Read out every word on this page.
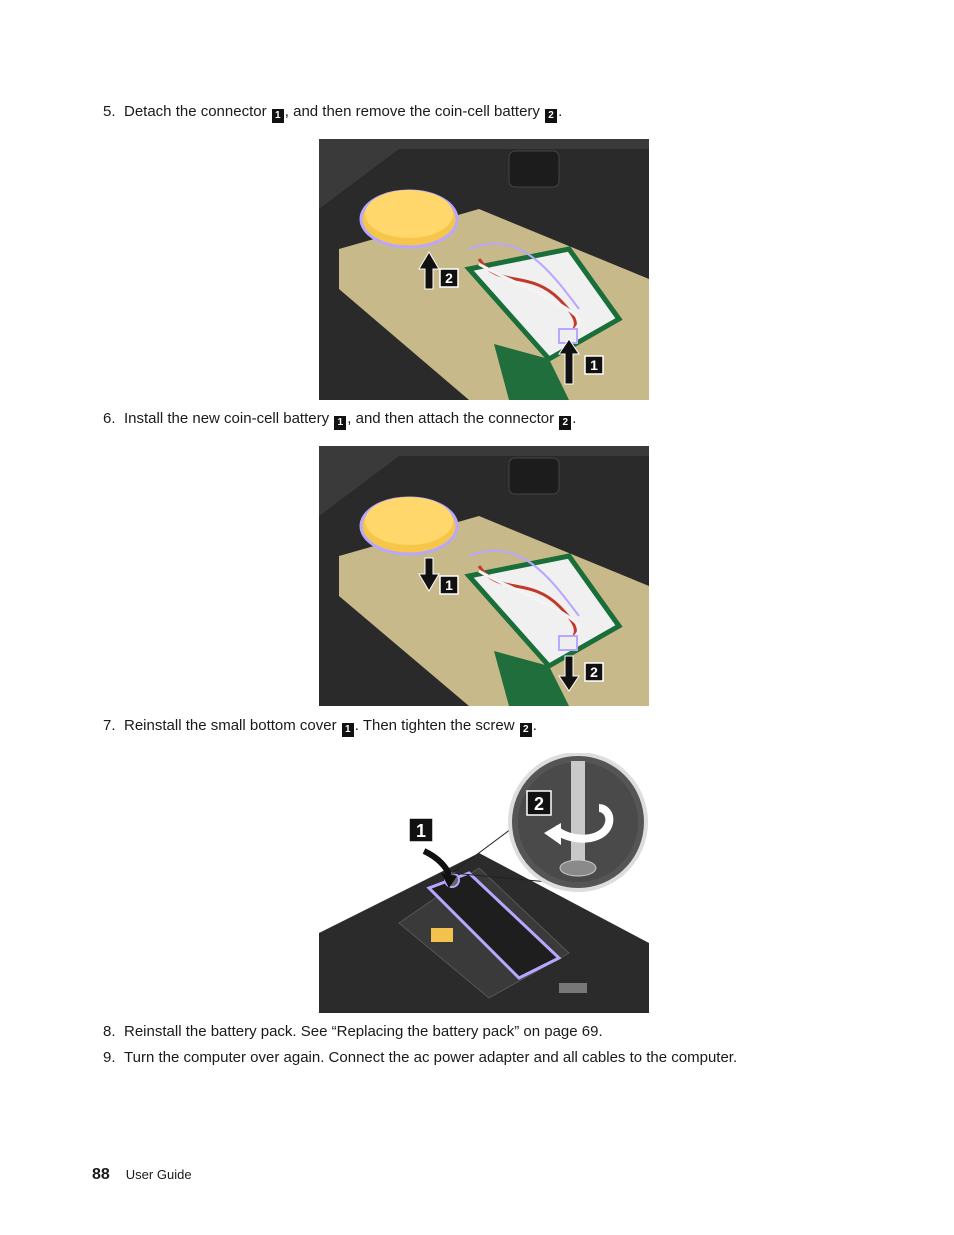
5. Detach the connector 1 , and then remove the coin-cell battery 2 .
2
1
6. Install the new coin-cell battery 1 , and then attach the connector 2 .
1
2
7. Reinstall the small bottom cover 1 . Then tighten the screw 2 .
1
2
8. Reinstall the battery pack. See “Replacing the battery pack” on page 69.
9. Turn the computer over again. Connect the ac power adapter and all cables to the computer.
88 User Guide
